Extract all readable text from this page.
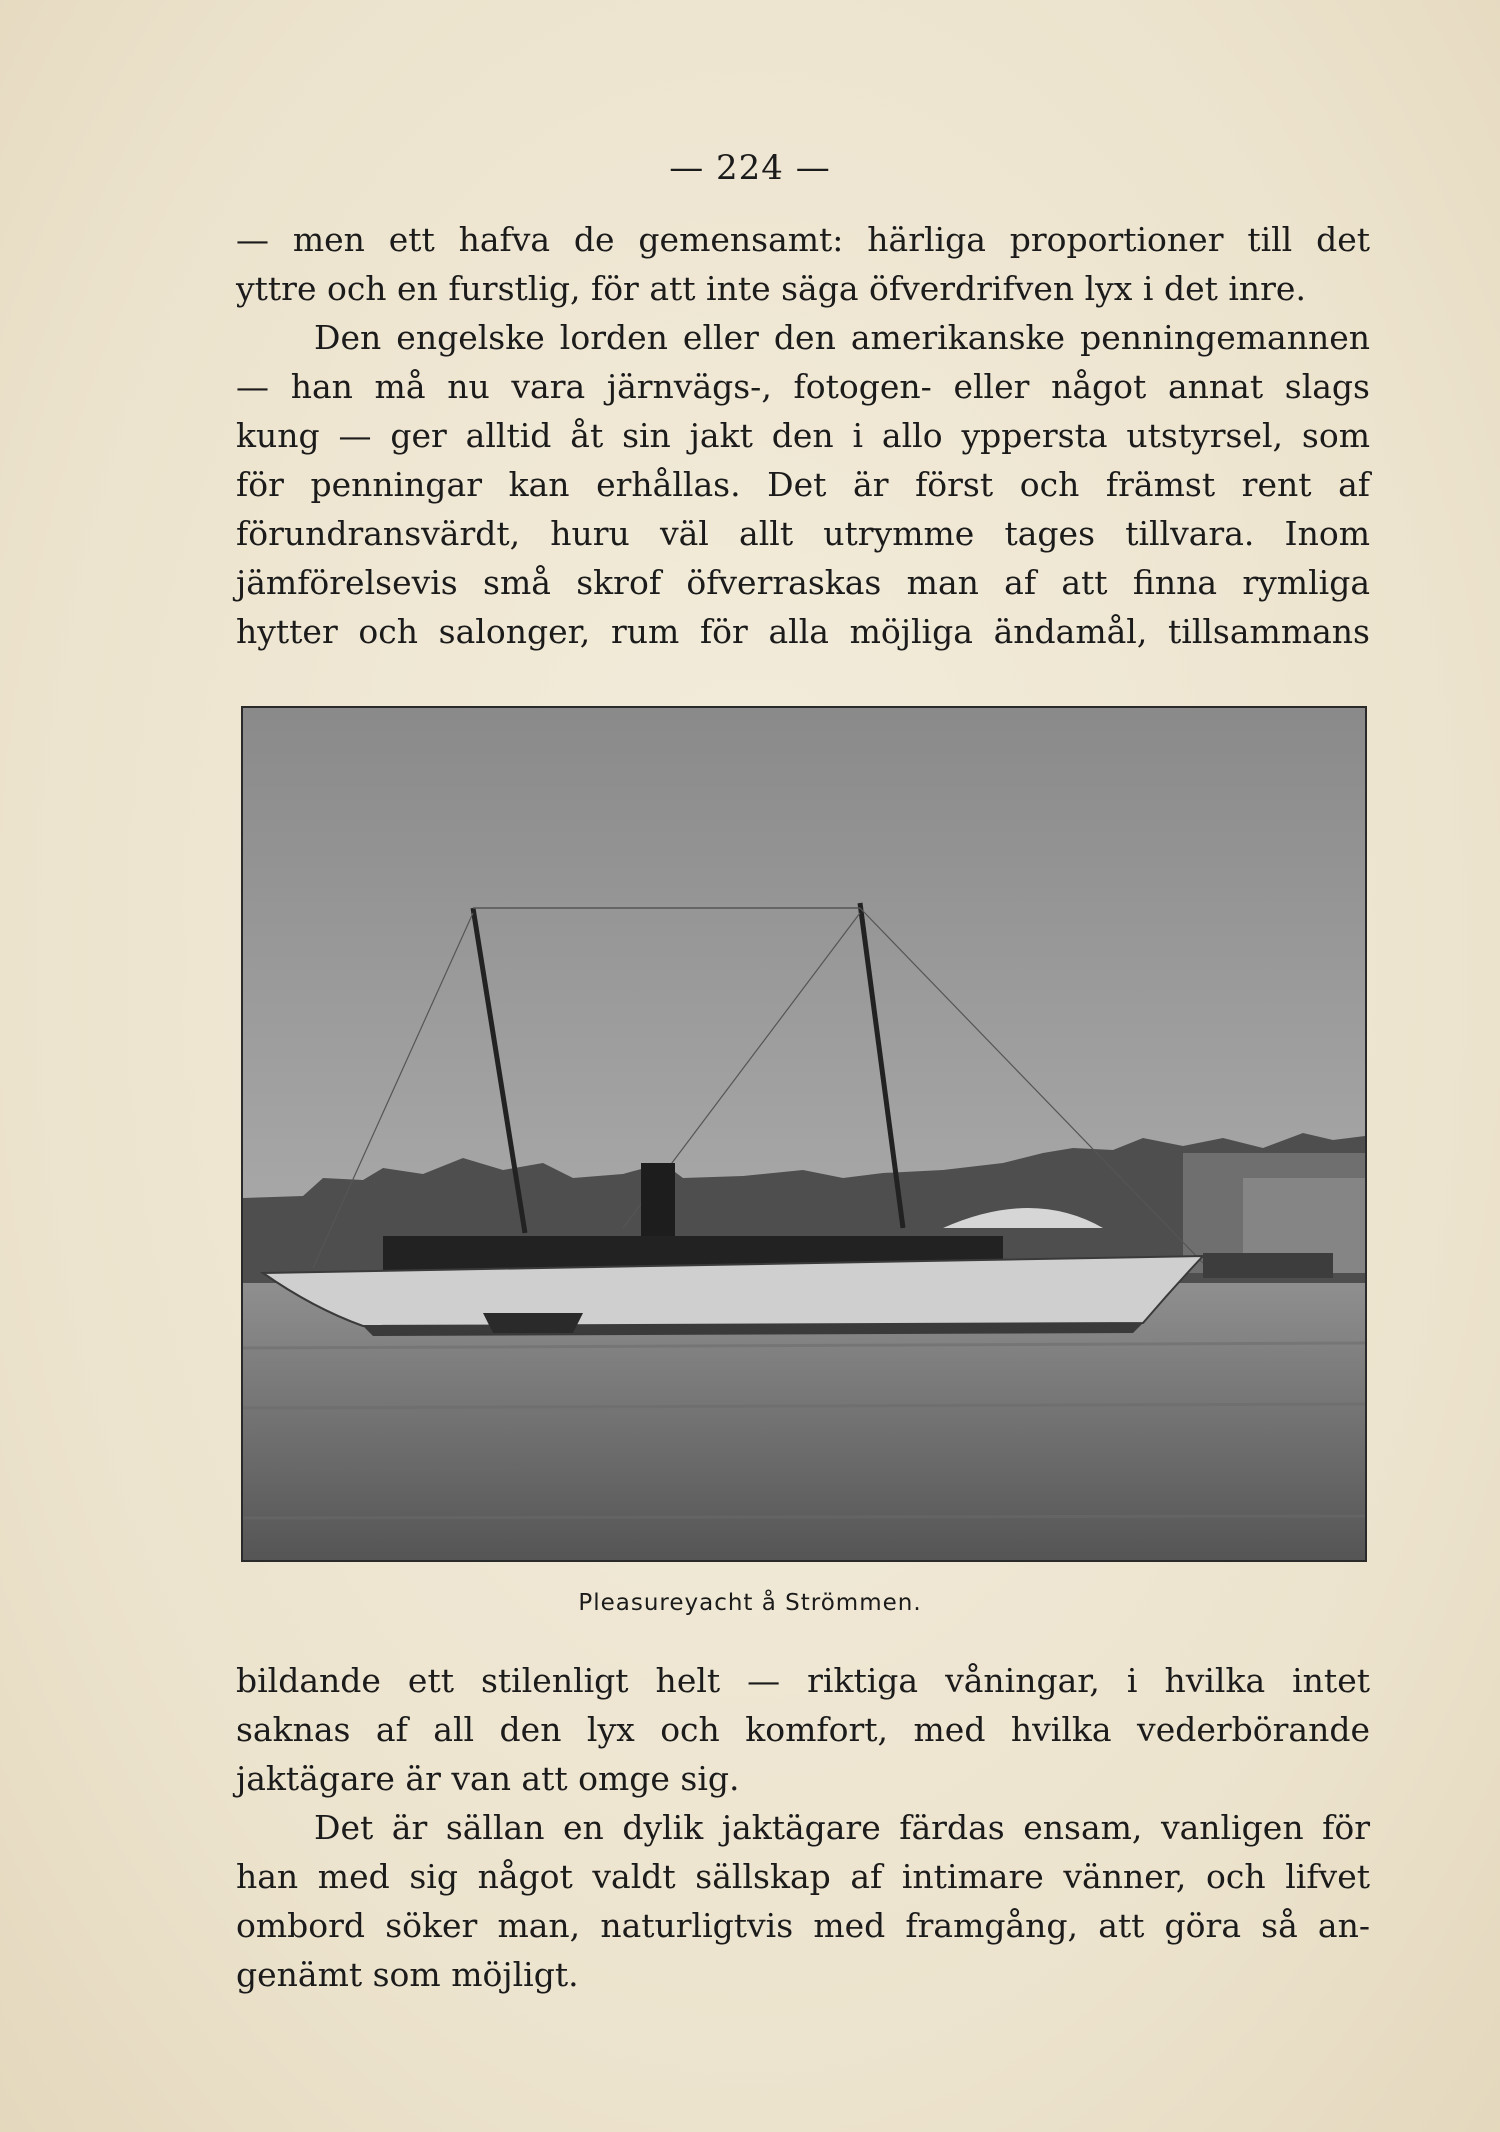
— 224 —
— men ett hafva de gemensamt: härliga proportioner till det
yttre och en furstlig, för att inte säga öfverdrifven lyx i det inre.
Den engelske lorden eller den amerikanske penningemannen
— han må nu vara järnvägs-, fotogen- eller något annat slags
kung — ger alltid åt sin jakt den i allo yppersta utstyrsel, som
för penningar kan erhållas. Det är först och främst rent af
förundransvärdt, huru väl allt utrymme tages tillvara. Inom
jämförelsevis små skrof öfverraskas man af att finna rymliga
hytter och salonger, rum för alla möjliga ändamål, tillsammans
Pleasureyacht å Strömmen.
bildande ett stilenligt helt — riktiga våningar, i hvilka intet
saknas af all den lyx och komfort, med hvilka vederbörande
jaktägare är van att omge sig.
Det är sällan en dylik jaktägare färdas ensam, vanligen för
han med sig något valdt sällskap af intimare vänner, och lifvet
ombord söker man, naturligtvis med framgång, att göra så an-
genämt som möjligt.
